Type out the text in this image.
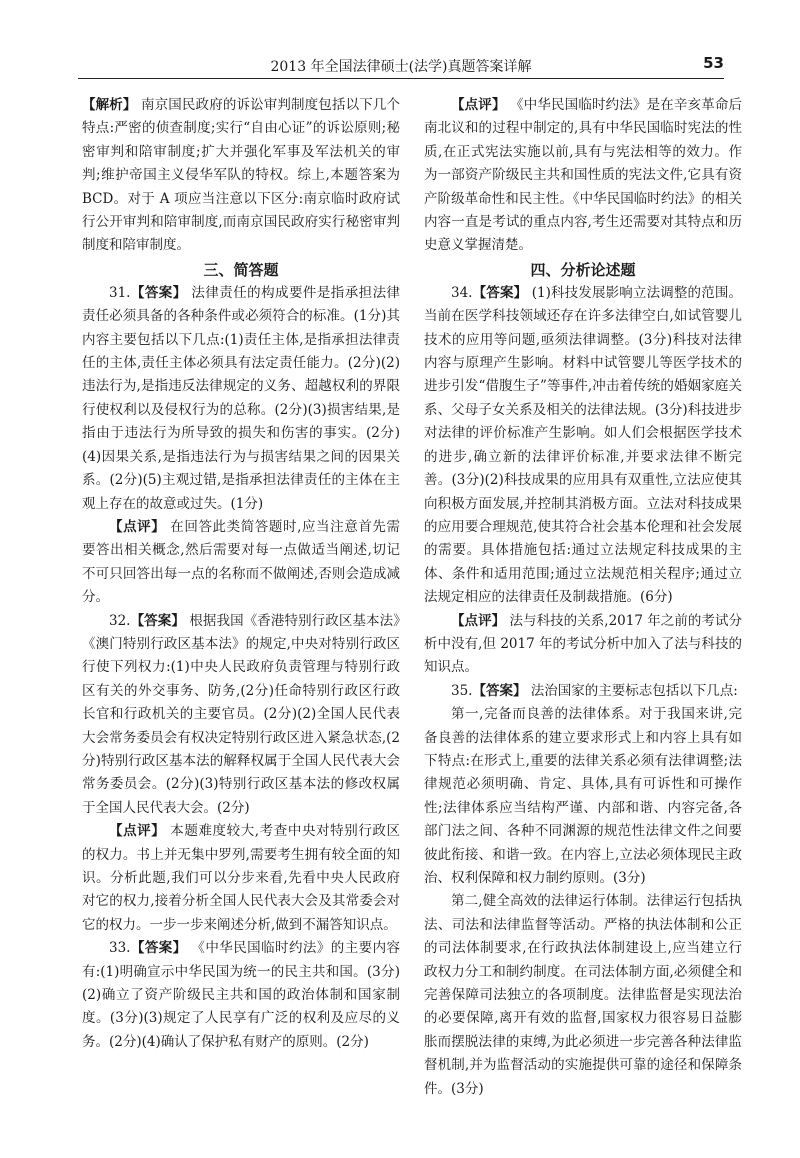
2013 年全国法律硕士(法学)真题答案详解	53

【解析】 南京国民政府的诉讼审判制度包括以下几个特点:严密的侦查制度;实行“自由心证”的诉讼原则;秘密审判和陪审制度;扩大并强化军事及军法机关的审判;维护帝国主义侵华军队的特权。综上,本题答案为 BCD。对于 A 项应当注意以下区分:南京临时政府试行公开审判和陪审制度,而南京国民政府实行秘密审判制度和陪审制度。

三、简答题

31.【答案】 法律责任的构成要件是指承担法律责任必须具备的各种条件或必须符合的标准。(1分)其内容主要包括以下几点:(1)责任主体,是指承担法律责任的主体,责任主体必须具有法定责任能力。(2分)(2)违法行为,是指违反法律规定的义务、超越权利的界限行使权利以及侵权行为的总称。(2分)(3)损害结果,是指由于违法行为所导致的损失和伤害的事实。(2分)(4)因果关系,是指违法行为与损害结果之间的因果关系。(2分)(5)主观过错,是指承担法律责任的主体在主观上存在的故意或过失。(1分)

【点评】 在回答此类简答题时,应当注意首先需要答出相关概念,然后需要对每一点做适当阐述,切记不可只回答出每一点的名称而不做阐述,否则会造成减分。

32.【答案】 根据我国《香港特别行政区基本法》《澳门特别行政区基本法》的规定,中央对特别行政区行使下列权力:(1)中央人民政府负责管理与特别行政区有关的外交事务、防务,(2分)任命特别行政区行政长官和行政机关的主要官员。(2分)(2)全国人民代表大会常务委员会有权决定特别行政区进入紧急状态,(2分)特别行政区基本法的解释权属于全国人民代表大会常务委员会。(2分)(3)特别行政区基本法的修改权属于全国人民代表大会。(2分)

【点评】 本题难度较大,考查中央对特别行政区的权力。书上并无集中罗列,需要考生拥有较全面的知识。分析此题,我们可以分步来看,先看中央人民政府对它的权力,接着分析全国人民代表大会及其常委会对它的权力。一步一步来阐述分析,做到不漏答知识点。

33.【答案】 《中华民国临时约法》的主要内容有:(1)明确宣示中华民国为统一的民主共和国。(3分)(2)确立了资产阶级民主共和国的政治体制和国家制度。(3分)(3)规定了人民享有广泛的权利及应尽的义务。(2分)(4)确认了保护私有财产的原则。(2分)

【点评】 《中华民国临时约法》是在辛亥革命后南北议和的过程中制定的,具有中华民国临时宪法的性质,在正式宪法实施以前,具有与宪法相等的效力。作为一部资产阶级民主共和国性质的宪法文件,它具有资产阶级革命性和民主性。《中华民国临时约法》的相关内容一直是考试的重点内容,考生还需要对其特点和历史意义掌握清楚。

四、分析论述题

34.【答案】 (1)科技发展影响立法调整的范围。当前在医学科技领域还存在许多法律空白,如试管婴儿技术的应用等问题,亟须法律调整。(3分)科技对法律内容与原理产生影响。材料中试管婴儿等医学技术的进步引发“借腹生子”等事件,冲击着传统的婚姻家庭关系、父母子女关系及相关的法律法规。(3分)科技进步对法律的评价标准产生影响。如人们会根据医学技术的进步,确立新的法律评价标准,并要求法律不断完善。(3分)(2)科技成果的应用具有双重性,立法应使其向积极方面发展,并控制其消极方面。立法对科技成果的应用要合理规范,使其符合社会基本伦理和社会发展的需要。具体措施包括:通过立法规定科技成果的主体、条件和适用范围;通过立法规范相关程序;通过立法规定相应的法律责任及制裁措施。(6分)

【点评】 法与科技的关系,2017 年之前的考试分析中没有,但 2017 年的考试分析中加入了法与科技的知识点。

35.【答案】 法治国家的主要标志包括以下几点:

第一,完备而良善的法律体系。对于我国来讲,完备良善的法律体系的建立要求形式上和内容上具有如下特点:在形式上,重要的法律关系必须有法律调整;法律规范必须明确、肯定、具体,具有可诉性和可操作性;法律体系应当结构严谨、内部和谐、内容完备,各部门法之间、各种不同渊源的规范性法律文件之间要彼此衔接、和谐一致。在内容上,立法必须体现民主政治、权利保障和权力制约原则。(3分)

第二,健全高效的法律运行体制。法律运行包括执法、司法和法律监督等活动。严格的执法体制和公正的司法体制要求,在行政执法体制建设上,应当建立行政权力分工和制约制度。在司法体制方面,必须健全和完善保障司法独立的各项制度。法律监督是实现法治的必要保障,离开有效的监督,国家权力很容易日益膨胀而摆脱法律的束缚,为此必须进一步完善各种法律监督机制,并为监督活动的实施提供可靠的途径和保障条件。(3分)
